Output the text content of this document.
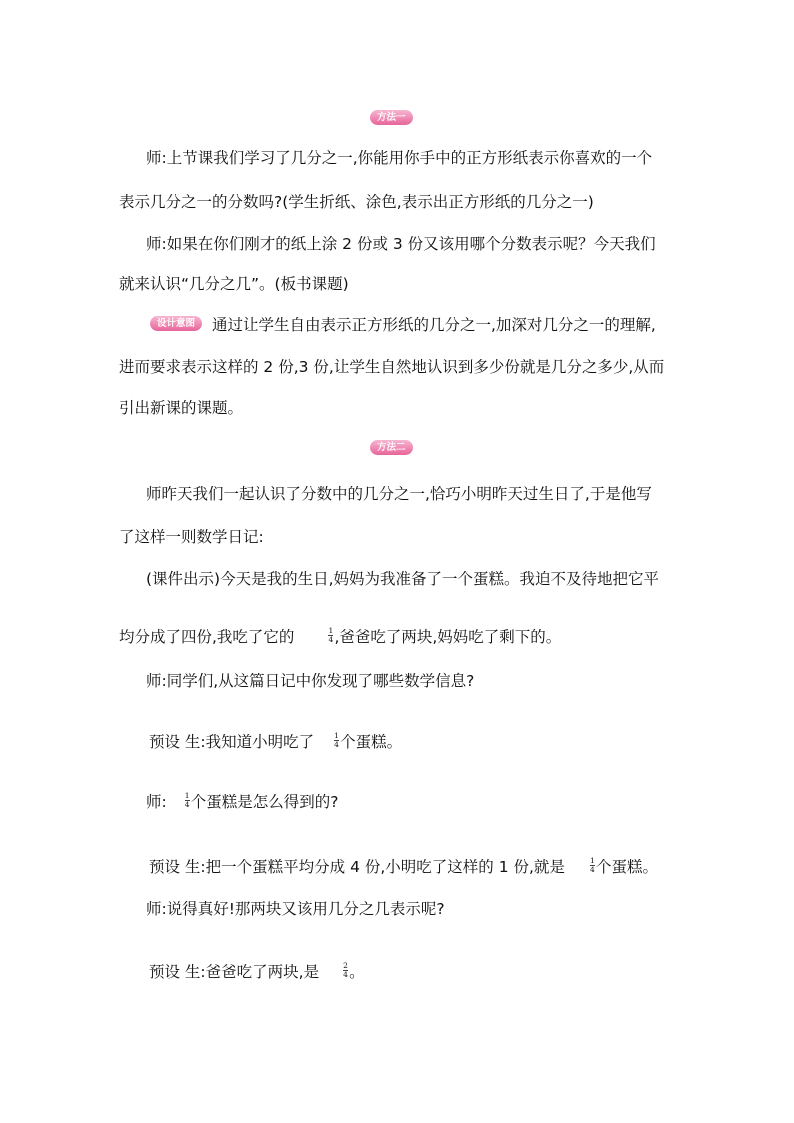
方法一
师:上节课我们学习了几分之一,你能用你手中的正方形纸表示你喜欢的一个
表示几分之一的分数吗?(学生折纸、涂色,表示出正方形纸的几分之一)
师:如果在你们刚才的纸上涂 2 份或 3 份又该用哪个分数表示呢？今天我们
就来认识“几分之几”。(板书课题)
设计意图	通过让学生自由表示正方形纸的几分之一,加深对几分之一的理解,
进而要求表示这样的 2 份,3 份,让学生自然地认识到多少份就是几分之多少,从而
引出新课的课题。
方法二
师昨天我们一起认识了分数中的几分之一,恰巧小明昨天过生日了,于是他写
了这样一则数学日记:
(课件出示)今天是我的生日,妈妈为我准备了一个蛋糕。我迫不及待地把它平
均分成了四份,我吃了它的
$\frac{1}{4}$
,爸爸吃了两块,妈妈吃了剩下的。
师:同学们,从这篇日记中你发现了哪些数学信息?
预设 生:我知道小明吃了
$\frac{1}{4}$
个蛋糕。
师:
$\frac{1}{4}$
个蛋糕是怎么得到的?
预设 生:把一个蛋糕平均分成 4 份,小明吃了这样的 1 份,就是
$\frac{1}{4}$
个蛋糕。
师:说得真好!那两块又该用几分之几表示呢?
预设 生:爸爸吃了两块,是
$\frac{2}{4}$
。
